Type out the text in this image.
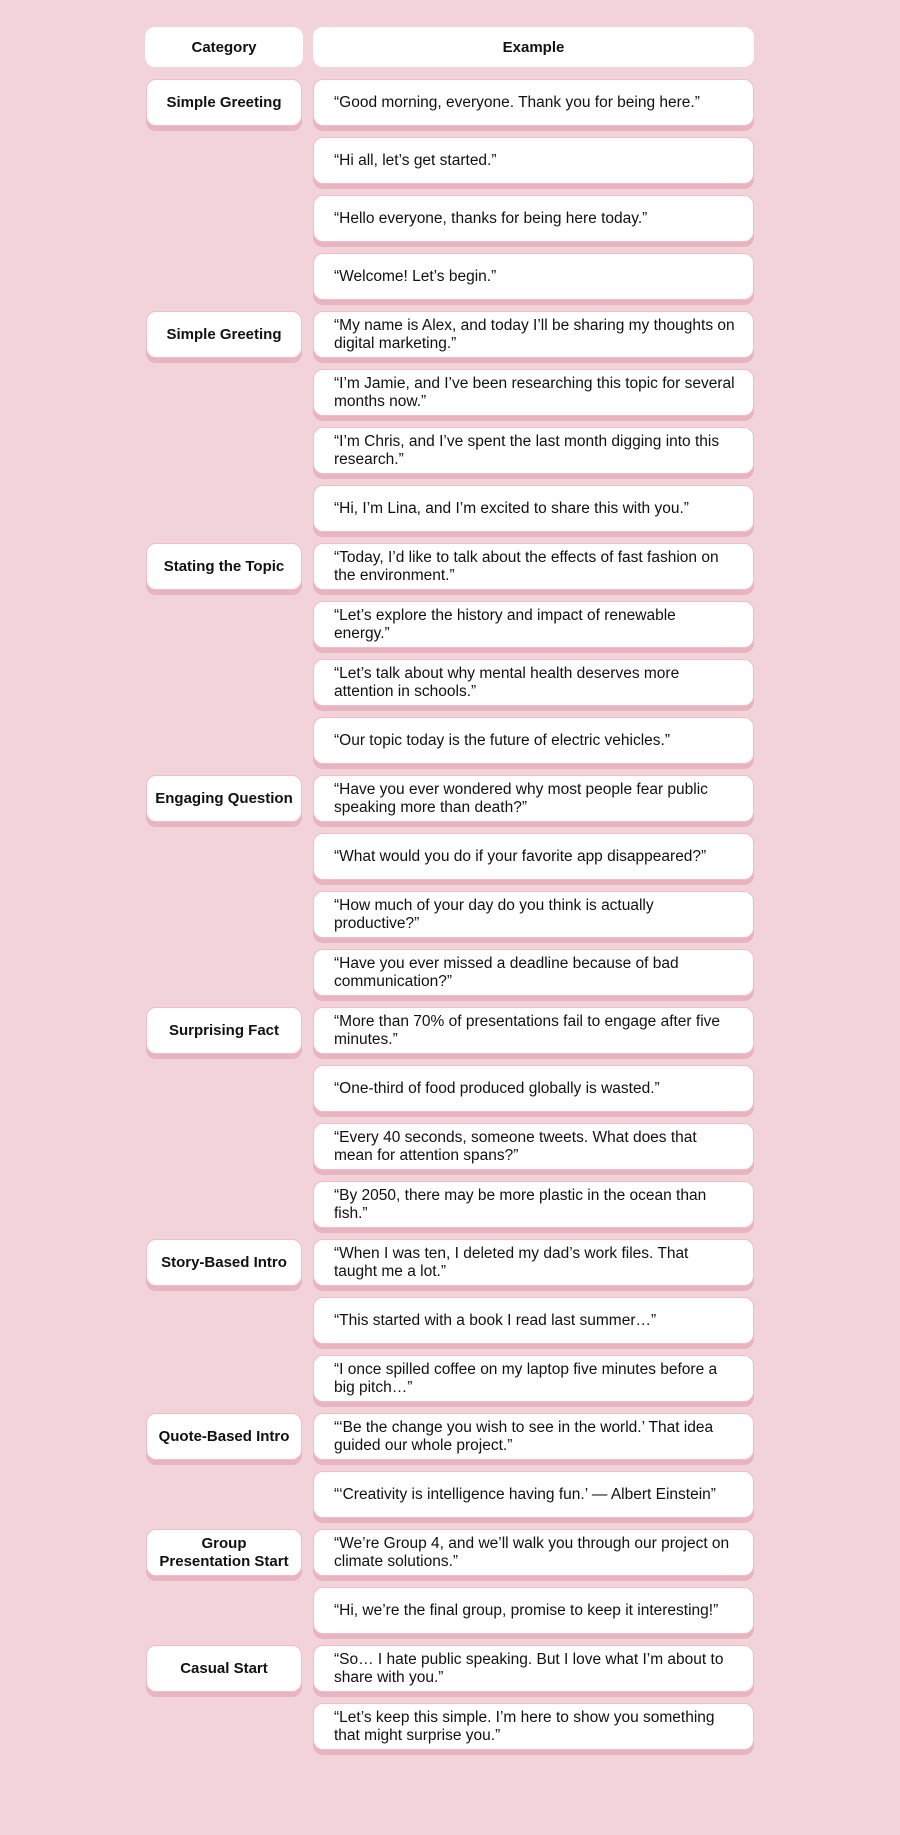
Category	Example
Simple Greeting	“Good morning, everyone. Thank you for being here.”
“Hi all, let’s get started.”
“Hello everyone, thanks for being here today.”
“Welcome! Let’s begin.”
Simple Greeting
“My name is Alex, and today I’ll be sharing my thoughts on digital marketing.”
“I’m Jamie, and I’ve been researching this topic for several months now.”
“I’m Chris, and I’ve spent the last month digging into this research.”
“Hi, I’m Lina, and I’m excited to share this with you.”
Stating the Topic
“Today, I’d like to talk about the effects of fast fashion on the environment.”
“Let’s explore the history and impact of renewable energy.”
“Let’s talk about why mental health deserves more attention in schools.”
“Our topic today is the future of electric vehicles.”
Engaging Question
“Have you ever wondered why most people fear public speaking more than death?”
“What would you do if your favorite app disappeared?”
“How much of your day do you think is actually productive?”
“Have you ever missed a deadline because of bad communication?”
Surprising Fact
“More than 70% of presentations fail to engage after five minutes.”
“One-third of food produced globally is wasted.”
“Every 40 seconds, someone tweets. What does that mean for attention spans?”
“By 2050, there may be more plastic in the ocean than fish.”
Story-Based Intro
“When I was ten, I deleted my dad’s work files. That taught me a lot.”
“This started with a book I read last summer…”
“I once spilled coffee on my laptop five minutes before a big pitch…”
Quote-Based Intro
“‘Be the change you wish to see in the world.’ That idea guided our whole project.”
“‘Creativity is intelligence having fun.’ — Albert Einstein”
Group Presentation Start
“We’re Group 4, and we’ll walk you through our project on climate solutions.”
“Hi, we’re the final group, promise to keep it interesting!”
Casual Start
“So… I hate public speaking. But I love what I’m about to share with you.”
“Let’s keep this simple. I’m here to show you something that might surprise you.”
